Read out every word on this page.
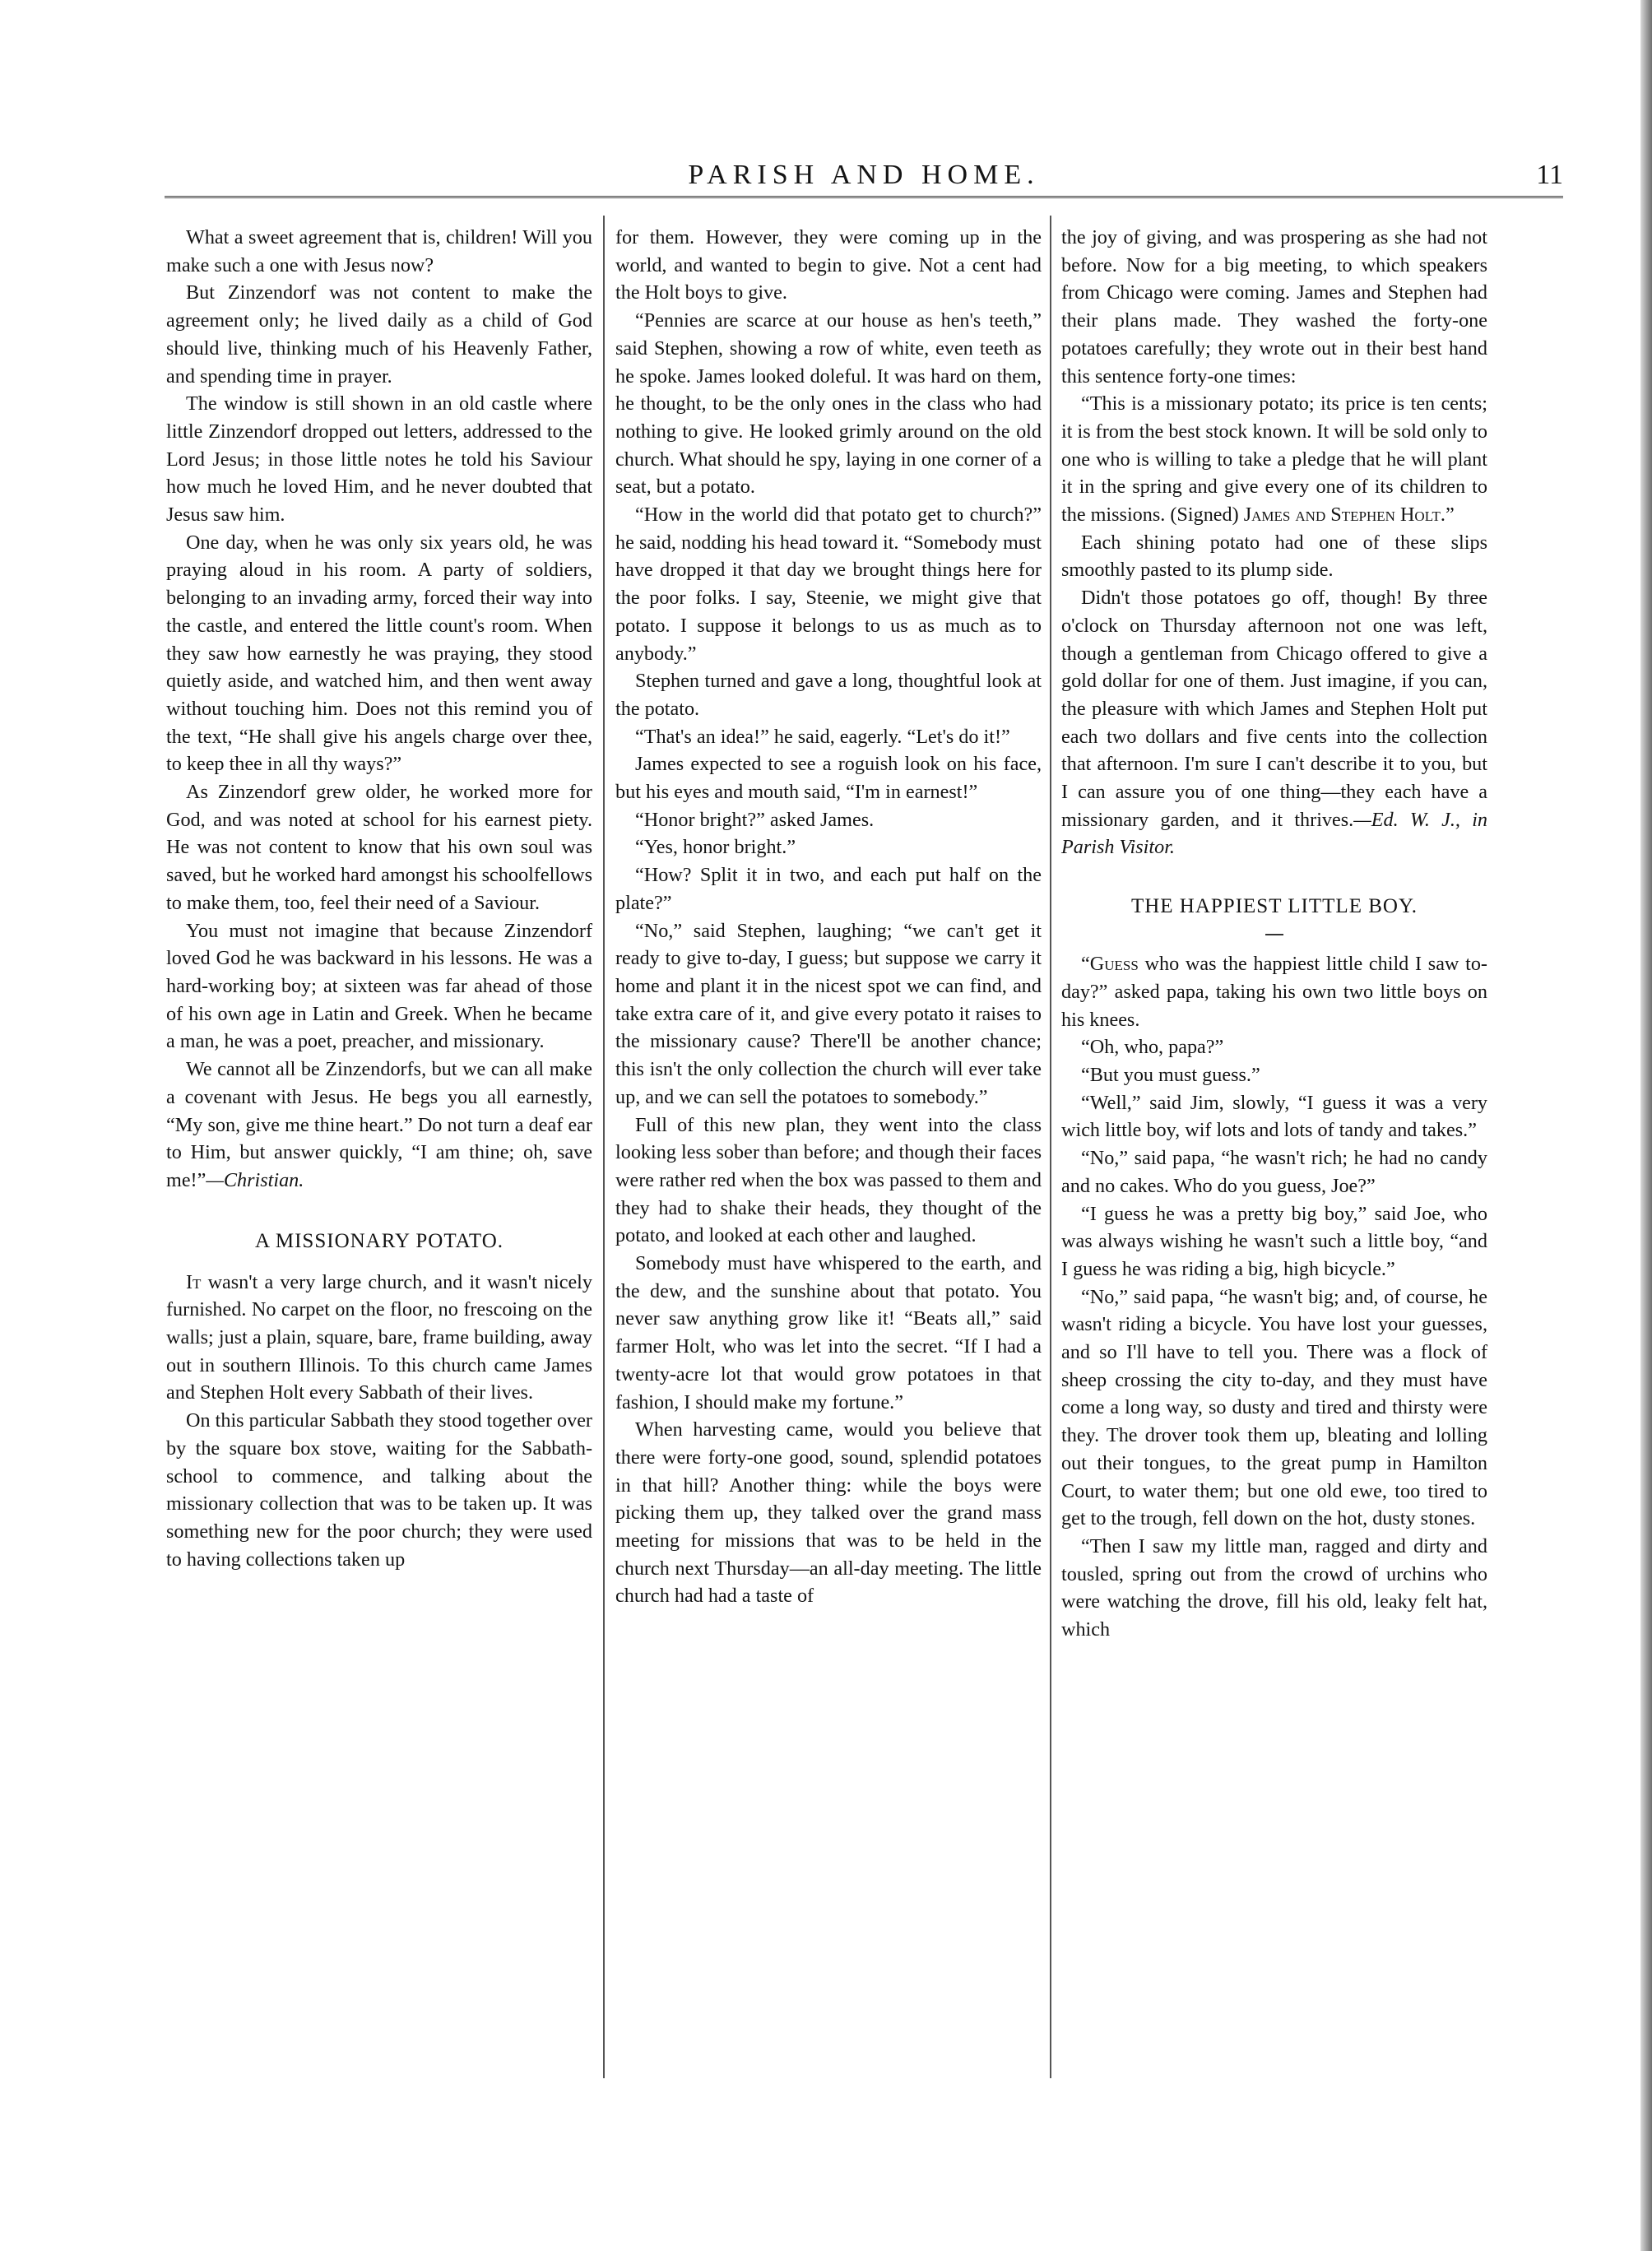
PARISH AND HOME.	11

What a sweet agreement that is, children! Will you make such a one with Jesus now?

But Zinzendorf was not content to make the agreement only; he lived daily as a child of God should live, thinking much of his Heavenly Father, and spending time in prayer.

The window is still shown in an old castle where little Zinzendorf dropped out letters, addressed to the Lord Jesus; in those little notes he told his Saviour how much he loved Him, and he never doubted that Jesus saw him.

One day, when he was only six years old, he was praying aloud in his room. A party of soldiers, belonging to an invading army, forced their way into the castle, and entered the little count's room. When they saw how earnestly he was praying, they stood quietly aside, and watched him, and then went away without touching him. Does not this remind you of the text, “He shall give his angels charge over thee, to keep thee in all thy ways?”

As Zinzendorf grew older, he worked more for God, and was noted at school for his earnest piety. He was not content to know that his own soul was saved, but he worked hard amongst his schoolfellows to make them, too, feel their need of a Saviour.

You must not imagine that because Zinzendorf loved God he was backward in his lessons. He was a hard-working boy; at sixteen was far ahead of those of his own age in Latin and Greek. When he became a man, he was a poet, preacher, and missionary.

We cannot all be Zinzendorfs, but we can all make a covenant with Jesus. He begs you all earnestly, “My son, give me thine heart.” Do not turn a deaf ear to Him, but answer quickly, “I am thine; oh, save me!”—Christian.

A MISSIONARY POTATO.

It wasn't a very large church, and it wasn't nicely furnished. No carpet on the floor, no frescoing on the walls; just a plain, square, bare, frame building, away out in southern Illinois. To this church came James and Stephen Holt every Sabbath of their lives.

On this particular Sabbath they stood together over by the square box stove, waiting for the Sabbath-school to commence, and talking about the missionary collection that was to be taken up. It was something new for the poor church; they were used to having collections taken up

for them. However, they were coming up in the world, and wanted to begin to give. Not a cent had the Holt boys to give.

“Pennies are scarce at our house as hen's teeth,” said Stephen, showing a row of white, even teeth as he spoke. James looked doleful. It was hard on them, he thought, to be the only ones in the class who had nothing to give. He looked grimly around on the old church. What should he spy, laying in one corner of a seat, but a potato.

“How in the world did that potato get to church?” he said, nodding his head toward it. “Somebody must have dropped it that day we brought things here for the poor folks. I say, Steenie, we might give that potato. I suppose it belongs to us as much as to anybody.”

Stephen turned and gave a long, thoughtful look at the potato.

“That's an idea!” he said, eagerly. “Let's do it!”

James expected to see a roguish look on his face, but his eyes and mouth said, “I'm in earnest!”

“Honor bright?” asked James.

“Yes, honor bright.”

“How? Split it in two, and each put half on the plate?”

“No,” said Stephen, laughing; “we can't get it ready to give to-day, I guess; but suppose we carry it home and plant it in the nicest spot we can find, and take extra care of it, and give every potato it raises to the missionary cause? There'll be another chance; this isn't the only collection the church will ever take up, and we can sell the potatoes to somebody.”

Full of this new plan, they went into the class looking less sober than before; and though their faces were rather red when the box was passed to them and they had to shake their heads, they thought of the potato, and looked at each other and laughed.

Somebody must have whispered to the earth, and the dew, and the sunshine about that potato. You never saw anything grow like it! “Beats all,” said farmer Holt, who was let into the secret. “If I had a twenty-acre lot that would grow potatoes in that fashion, I should make my fortune.”

When harvesting came, would you believe that there were forty-one good, sound, splendid potatoes in that hill? Another thing: while the boys were picking them up, they talked over the grand mass meeting for missions that was to be held in the church next Thursday—an all-day meeting. The little church had had a taste of

the joy of giving, and was prospering as she had not before. Now for a big meeting, to which speakers from Chicago were coming. James and Stephen had their plans made. They washed the forty-one potatoes carefully; they wrote out in their best hand this sentence forty-one times:

“This is a missionary potato; its price is ten cents; it is from the best stock known. It will be sold only to one who is willing to take a pledge that he will plant it in the spring and give every one of its children to the missions. (Signed) James and Stephen Holt.”

Each shining potato had one of these slips smoothly pasted to its plump side.

Didn't those potatoes go off, though! By three o'clock on Thursday afternoon not one was left, though a gentleman from Chicago offered to give a gold dollar for one of them. Just imagine, if you can, the pleasure with which James and Stephen Holt put each two dollars and five cents into the collection that afternoon. I'm sure I can't describe it to you, but I can assure you of one thing—they each have a missionary garden, and it thrives.—Ed. W. J., in Parish Visitor.

THE HAPPIEST LITTLE BOY.

“Guess who was the happiest little child I saw to-day?” asked papa, taking his own two little boys on his knees.

“Oh, who, papa?”

“But you must guess.”

“Well,” said Jim, slowly, “I guess it was a very wich little boy, wif lots and lots of tandy and takes.”

“No,” said papa, “he wasn't rich; he had no candy and no cakes. Who do you guess, Joe?”

“I guess he was a pretty big boy,” said Joe, who was always wishing he wasn't such a little boy, “and I guess he was riding a big, high bicycle.”

“No,” said papa, “he wasn't big; and, of course, he wasn't riding a bicycle. You have lost your guesses, and so I'll have to tell you. There was a flock of sheep crossing the city to-day, and they must have come a long way, so dusty and tired and thirsty were they. The drover took them up, bleating and lolling out their tongues, to the great pump in Hamilton Court, to water them; but one old ewe, too tired to get to the trough, fell down on the hot, dusty stones.

“Then I saw my little man, ragged and dirty and tousled, spring out from the crowd of urchins who were watching the drove, fill his old, leaky felt hat, which
